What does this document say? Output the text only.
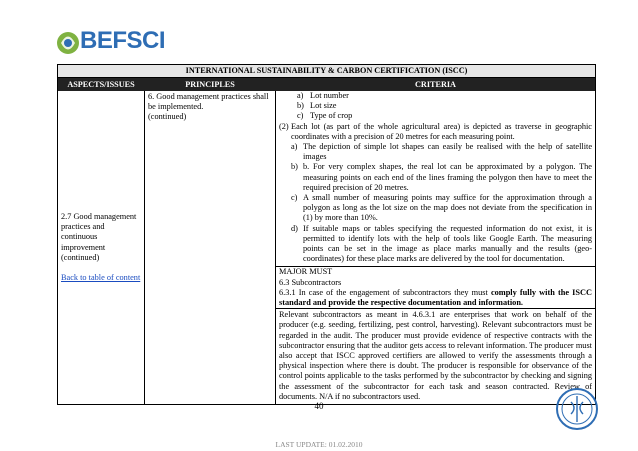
BEFSCI
INTERNATIONAL SUSTAINABILITY & CARBON CERTIFICATION (ISCC)
ASPECTS/ISSUES	PRINCIPLES	CRITERIA
2.7 Good management
practices and continuous
improvement
(continued)
Back to table of content
6. Good management practices shall
be implemented.
(continued)
a) Lot number
b) Lot size
c) Type of crop
(2) Each lot (as part of the whole agricultural area) is depicted as traverse in geographic coordinates with a precision of 20 metres for each measuring point.
a) The depiction of simple lot shapes can easily be realised with the help of satellite images
b) b. For very complex shapes, the real lot can be approximated by a polygon. The measuring points on each end of the lines framing the polygon then have to meet the required precision of 20 metres.
c) A small number of measuring points may suffice for the approximation through a polygon as long as the lot size on the map does not deviate from the specification in (1) by more than 10%.
d) If suitable maps or tables specifying the requested information do not exist, it is permitted to identify lots with the help of tools like Google Earth. The measuring points can be set in the image as place marks manually and the results (geo-coordinates) for these place marks are delivered by the tool for documentation.
MAJOR MUST
6.3 Subcontractors
6.3.1 In case of the engagement of subcontractors they must comply fully with the ISCC standard and provide the respective documentation and information.
Relevant subcontractors as meant in 4.6.3.1 are enterprises that work on behalf of the producer (e.g. seeding, fertilizing, pest control, harvesting). Relevant subcontractors must be regarded in the audit. The producer must provide evidence of respective contracts with the subcontractor ensuring that the auditor gets access to relevant information. The producer must also accept that ISCC approved certifiers are allowed to verify the assessments through a physical inspection where there is doubt. The producer is responsible for observance of the control points applicable to the tasks performed by the subcontractor by checking and signing the assessment of the subcontractor for each task and season contracted. Review of documents. N/A if no subcontractors used.
40
LAST UPDATE: 01.02.2010
